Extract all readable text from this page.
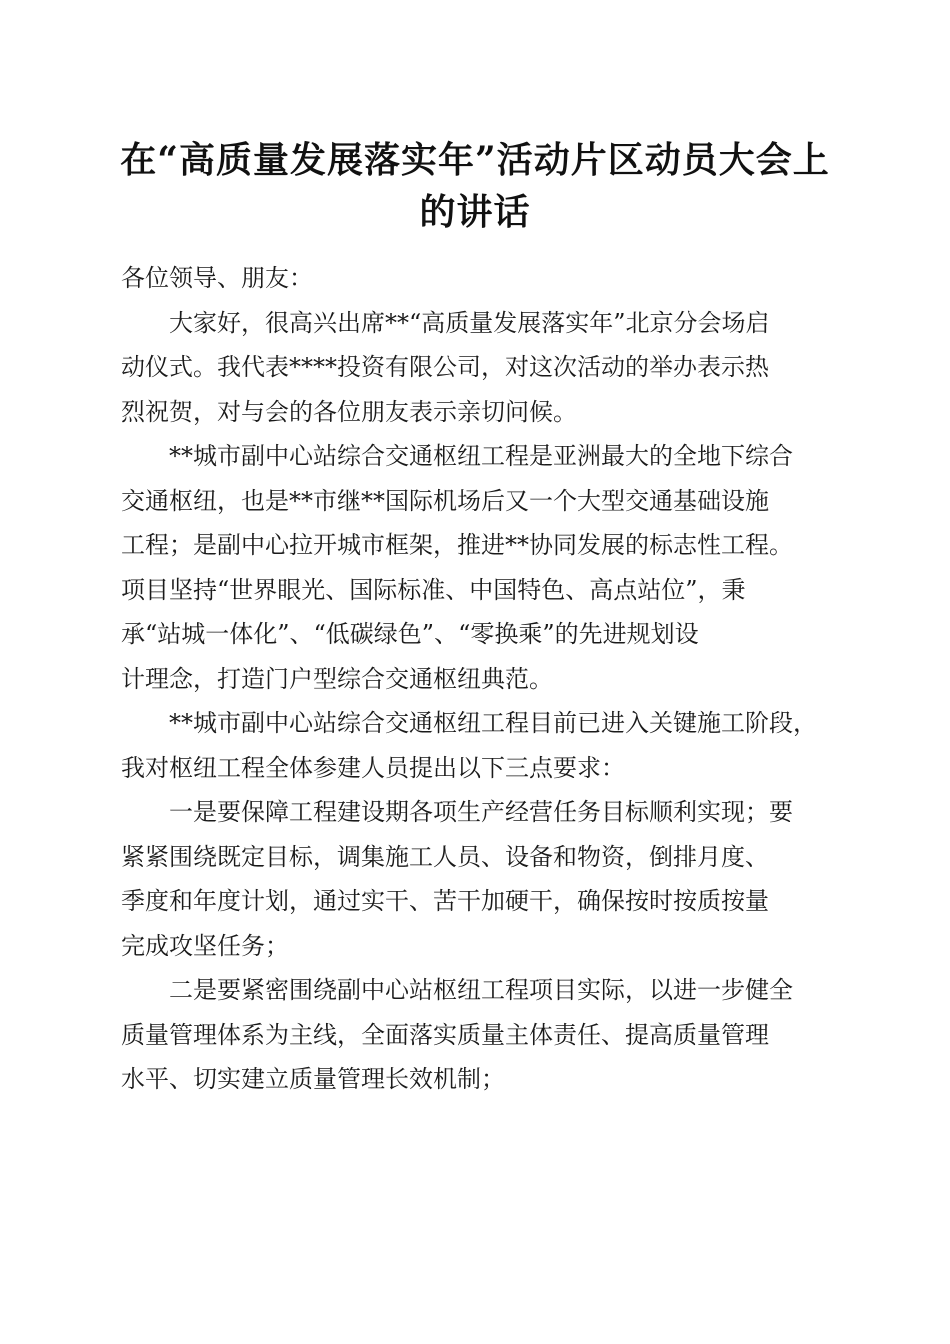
在“高质量发展落实年”活动片区动员大会上
的讲话
各位领导、朋友：
　　大家好，很高兴出席**“高质量发展落实年”北京分会场启
动仪式。我代表****投资有限公司，对这次活动的举办表示热
烈祝贺，对与会的各位朋友表示亲切问候。
　　**城市副中心站综合交通枢纽工程是亚洲最大的全地下综合
交通枢纽，也是**市继**国际机场后又一个大型交通基础设施
工程；是副中心拉开城市框架，推进**协同发展的标志性工程。
项目坚持“世界眼光、国际标准、中国特色、高点站位”，秉
承“站城一体化”、“低碳绿色”、“零换乘”的先进规划设
计理念，打造门户型综合交通枢纽典范。
　　**城市副中心站综合交通枢纽工程目前已进入关键施工阶段，
我对枢纽工程全体参建人员提出以下三点要求：
　　一是要保障工程建设期各项生产经营任务目标顺利实现；要
紧紧围绕既定目标，调集施工人员、设备和物资，倒排月度、
季度和年度计划，通过实干、苦干加硬干，确保按时按质按量
完成攻坚任务；
　　二是要紧密围绕副中心站枢纽工程项目实际，以进一步健全
质量管理体系为主线，全面落实质量主体责任、提高质量管理
水平、切实建立质量管理长效机制；
